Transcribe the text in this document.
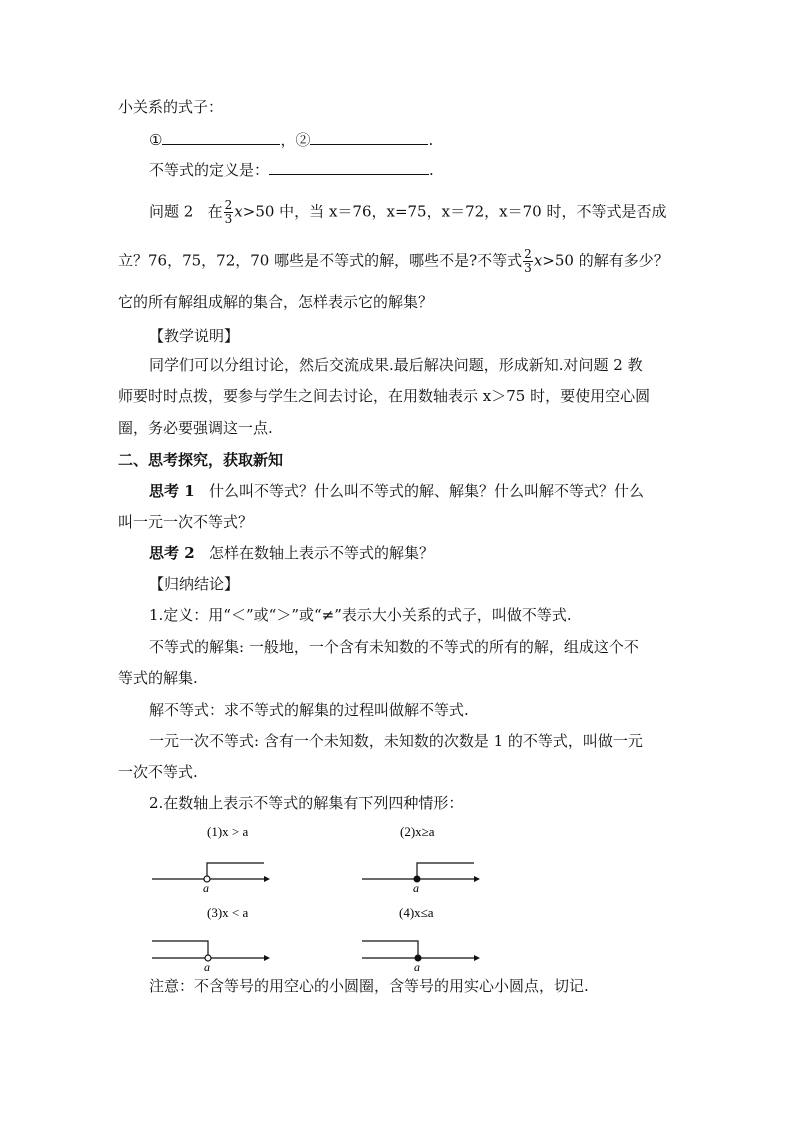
小关系的式子：
①	，②	.
不等式的定义是：	.
问题 2 在 $\frac{2}{3} x>50$ 中，当 x＝76，x=75，x＝72，x＝70 时，不等式是否成
立？76，75，72，70 哪些是不等式的解，哪些不是?不等式 $\frac{2}{3} x>50$ 的解有多少？
它的所有解组成解的集合，怎样表示它的解集？
【教学说明】
同学们可以分组讨论，然后交流成果.最后解决问题，形成新知.对问题 2 教
师要时时点拨，要参与学生之间去讨论，在用数轴表示 x＞75 时，要使用空心圆
圈，务必要强调这一点.
二、思考探究，获取新知
思考 1 什么叫不等式？什么叫不等式的解、解集？什么叫解不等式？什么
叫一元一次不等式？
思考 2 怎样在数轴上表示不等式的解集？
【归纳结论】
1.定义：用“＜”或“＞”或“≠”表示大小关系的式子，叫做不等式.
不等式的解集: 一般地，一个含有未知数的不等式的所有的解，组成这个不
等式的解集.
解不等式：求不等式的解集的过程叫做解不等式.
一元一次不等式: 含有一个未知数，未知数的次数是 1 的不等式，叫做一元
一次不等式.
2.在数轴上表示不等式的解集有下列四种情形：
(1)x > a
a
(2)x≥a
a
(3)x < a
a
(4)x≤a
a
注意：不含等号的用空心的小圆圈，含等号的用实心小圆点，切记.
